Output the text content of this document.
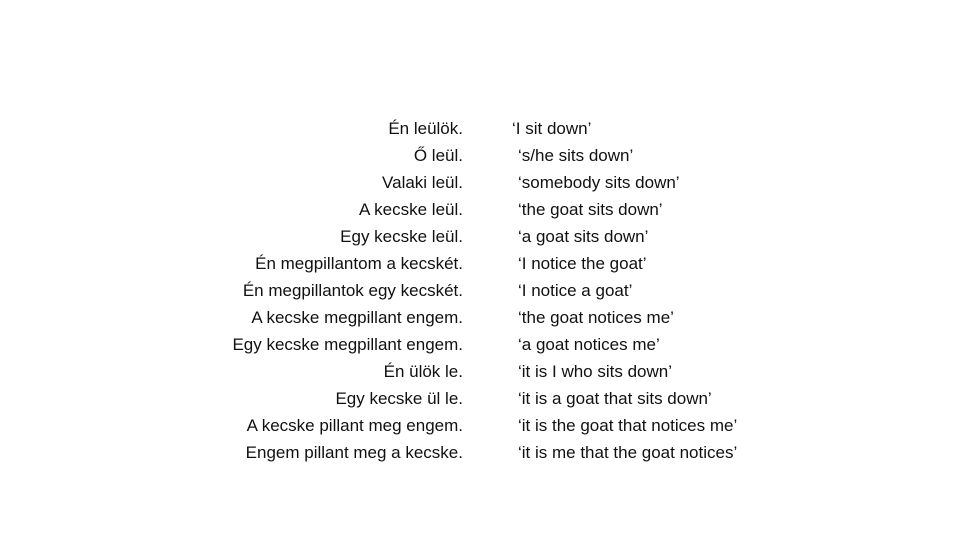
Én leülök.
Ő leül.
Valaki leül.
A kecske leül.
Egy kecske leül.
Én megpillantom a kecskét.
Én megpillantok egy kecskét.
A kecske megpillant engem.
Egy kecske megpillant engem.
Én ülök le.
Egy kecske ül le.
A kecske pillant meg engem.
Engem pillant meg a kecske.
‘I sit down’
‘s/he sits down’
‘somebody sits down’
‘the goat sits down’
‘a goat sits down’
‘I notice the goat’
‘I notice a goat’
‘the goat notices me’
‘a goat notices me’
‘it is I who sits down’
‘it is a goat that sits down’
‘it is the goat that notices me’
‘it is me that the goat notices’
